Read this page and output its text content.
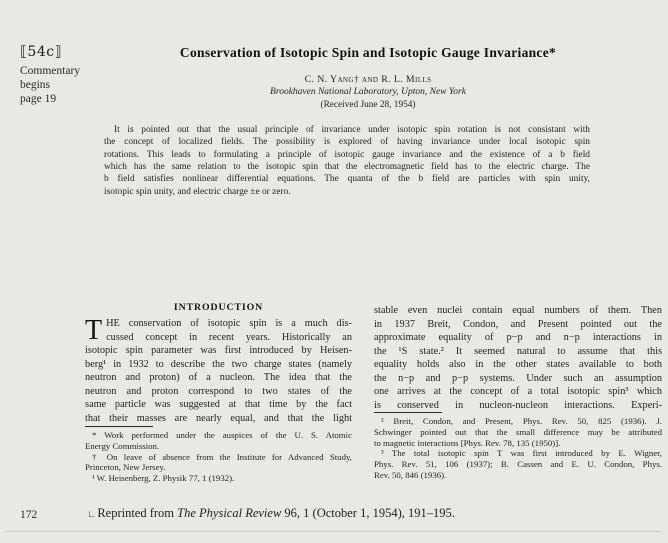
⟦54c⟧
Commentary
begins
page 19
Conservation of Isotopic Spin and Isotopic Gauge Invariance*
C. N. Yang† and R. L. Mills
Brookhaven National Laboratory, Upton, New York
(Received June 28, 1954)
It is pointed out that the usual principle of invariance under isotopic spin rotation is not consistant with
the concept of localized fields. The possibility is explored of having invariance under local isotopic spin
rotations. This leads to formulating a principle of isotopic gauge invariance and the existence of a b field
which has the same relation to the isotopic spin that the electromagnetic field has to the electric charge. The
b field satisfies nonlinear differential equations. The quanta of the b field are particles with spin unity,
isotopic spin unity, and electric charge ±e or zero.
INTRODUCTION
T HE conservation of isotopic spin is a much dis-
cussed concept in recent years. Historically an
isotopic spin parameter was first introduced by Heisen-
berg¹ in 1932 to describe the two charge states (namely
neutron and proton) of a nucleon. The idea that the
neutron and proton correspond to two states of the
same particle was suggested at that time by the fact
that their masses are nearly equal, and that the light
stable even nuclei contain equal numbers of them. Then
in 1937 Breit, Condon, and Present pointed out the
approximate equality of p−p and n−p interactions in
the ¹S state.² It seemed natural to assume that this
equality holds also in the other states available to both
the n−p and p−p systems. Under such an assumption
one arrives at the concept of a total isotopic spin³ which
is conserved in nucleon-nucleon interactions. Experi-
* Work performed under the auspices of the U. S. Atomic
Energy Commission.
† On leave of absence from the Institute for Advanced Study,
Princeton, New Jersey.
¹ W. Heisenberg, Z. Physik 77, 1 (1932).
² Breit, Condon, and Present, Phys. Rev. 50, 825 (1936). J.
Schwinger pointed out that the small difference may be attributed
to magnetic interactions [Phys. Rev. 78, 135 (1950)].
³ The total isotopic spin T was first introduced by E. Wigner,
Phys. Rev. 51, 106 (1937); B. Cassen and E. U. Condon, Phys.
Rev. 50, 846 (1936).
172	∟Reprinted from The Physical Review 96, 1 (October 1, 1954), 191–195.
